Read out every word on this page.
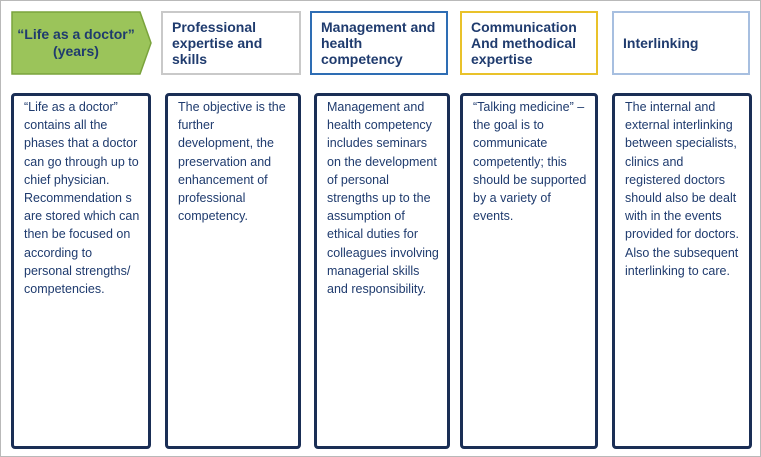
“Life as a doctor”
(years)
Professional expertise and skills
Management and health competency
Communication And methodical expertise
Interlinking
“Life as a doctor” contains all the phases that a doctor can go through up to chief physician. Recommendation s are stored which can then be focused on according to personal strengths/ competencies.
The objective is the further development, the preservation and enhancement of professional competency.
Management and health competency includes seminars on the development of personal strengths up to the assumption of ethical duties for colleagues involving managerial skills and responsibility.
“Talking medicine” – the goal is to communicate competently; this should be supported by a variety of events.
The internal and external interlinking between specialists, clinics and registered doctors should also be dealt with in the events provided for doctors. Also the subsequent interlinking to care.
